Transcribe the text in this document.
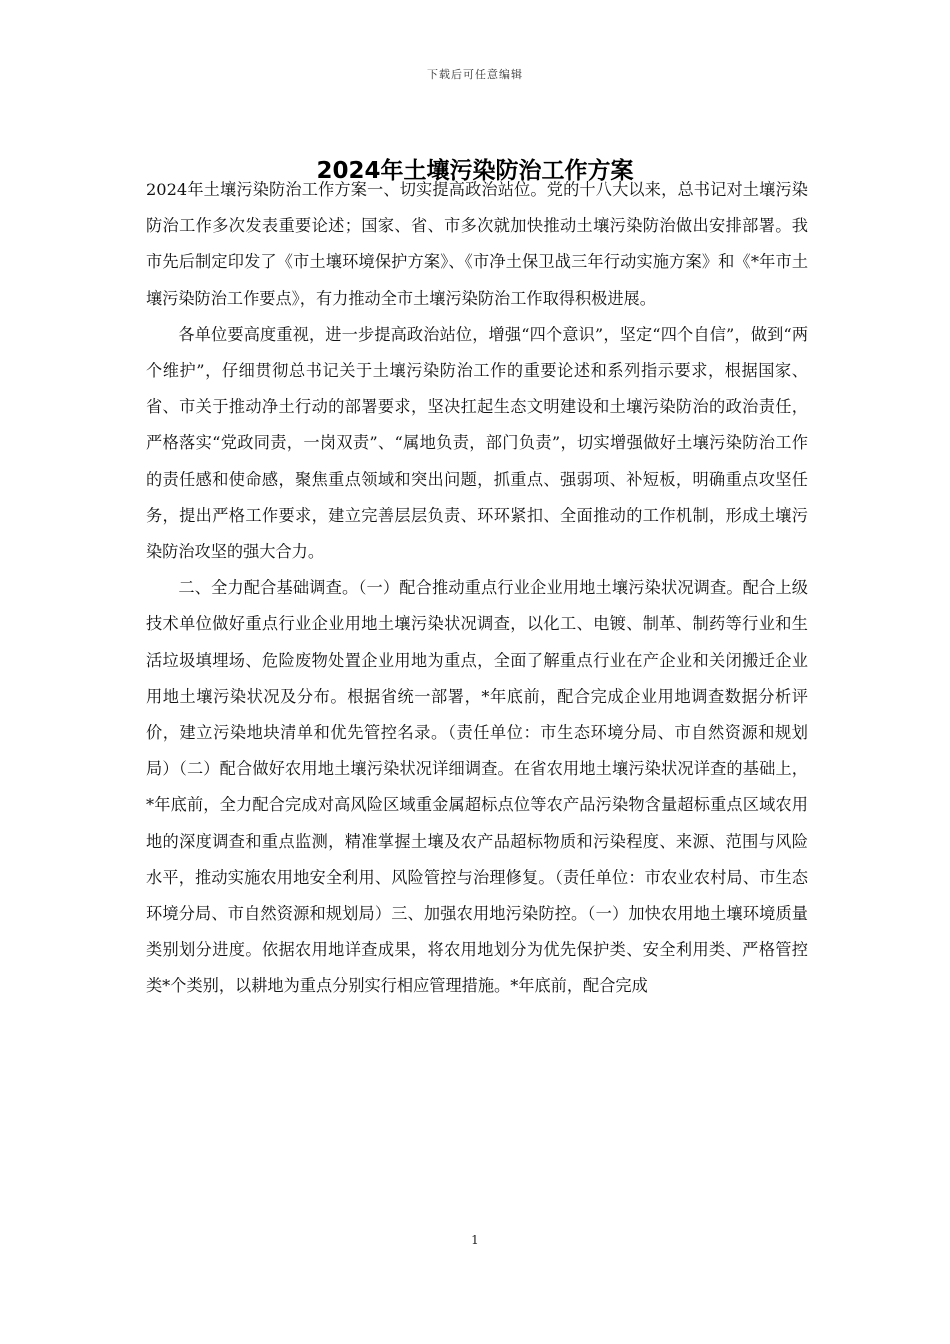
下载后可任意编辑
2024年土壤污染防治工作方案

2024年土壤污染防治工作方案一、切实提高政治站位。党的十八大以来，总书记对土壤污染防治工作多次发表重要论述；国家、省、市多次就加快推动土壤污染防治做出安排部署。我市先后制定印发了《市土壤环境保护方案》、《市净土保卫战三年行动实施方案》和《*年市土壤污染防治工作要点》，有力推动全市土壤污染防治工作取得积极进展。

各单位要高度重视，进一步提高政治站位，增强“四个意识”，坚定“四个自信”，做到“两个维护”，仔细贯彻总书记关于土壤污染防治工作的重要论述和系列指示要求，根据国家、省、市关于推动净土行动的部署要求，坚决扛起生态文明建设和土壤污染防治的政治责任，严格落实“党政同责，一岗双责”、“属地负责，部门负责”，切实增强做好土壤污染防治工作的责任感和使命感，聚焦重点领域和突出问题，抓重点、强弱项、补短板，明确重点攻坚任务，提出严格工作要求，建立完善层层负责、环环紧扣、全面推动的工作机制，形成土壤污染防治攻坚的强大合力。

二、全力配合基础调查。（一）配合推动重点行业企业用地土壤污染状况调查。配合上级技术单位做好重点行业企业用地土壤污染状况调查，以化工、电镀、制革、制药等行业和生活垃圾填埋场、危险废物处置企业用地为重点，全面了解重点行业在产企业和关闭搬迁企业用地土壤污染状况及分布。根据省统一部署，*年底前，配合完成企业用地调查数据分析评价，建立污染地块清单和优先管控名录。（责任单位：市生态环境分局、市自然资源和规划局）（二）配合做好农用地土壤污染状况详细调查。在省农用地土壤污染状况详查的基础上，*年底前，全力配合完成对高风险区域重金属超标点位等农产品污染物含量超标重点区域农用地的深度调查和重点监测，精准掌握土壤及农产品超标物质和污染程度、来源、范围与风险水平，推动实施农用地安全利用、风险管控与治理修复。（责任单位：市农业农村局、市生态环境分局、市自然资源和规划局）三、加强农用地污染防控。（一）加快农用地土壤环境质量类别划分进度。依据农用地详查成果，将农用地划分为优先保护类、安全利用类、严格管控类*个类别，以耕地为重点分别实行相应管理措施。*年底前，配合完成

1
